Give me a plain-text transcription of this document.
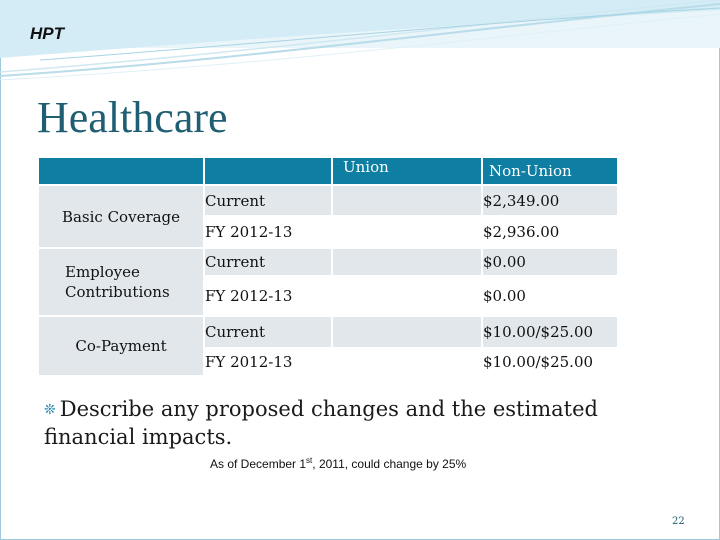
HPT
Healthcare
		Union	Non-Union
Basic Coverage	Current		$2,349.00
	FY 2012-13		$2,936.00
Employee Contributions	Current		$0.00
	FY 2012-13		$0.00
Co-Payment	Current		$10.00/$25.00
	FY 2012-13		$10.00/$25.00
❊ Describe any proposed changes and the estimated financial impacts.
As of December 1st, 2011, could change by 25%
22
